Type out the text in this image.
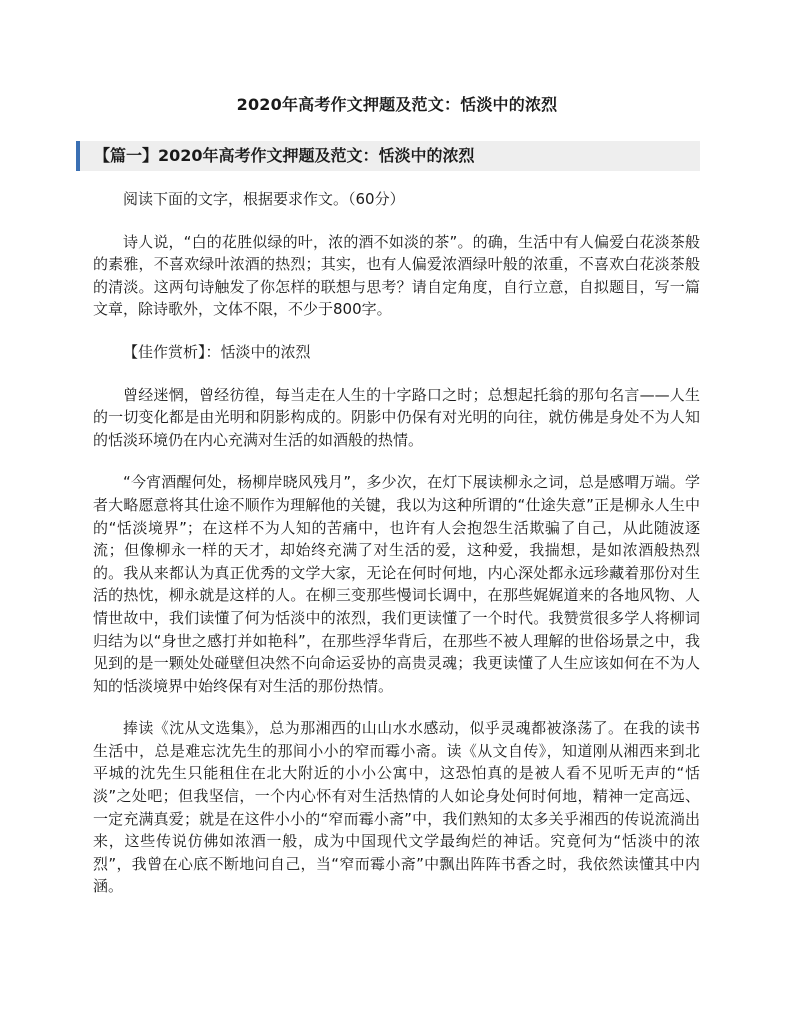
2020年高考作文押题及范文：恬淡中的浓烈
【篇一】2020年高考作文押题及范文：恬淡中的浓烈

阅读下面的文字，根据要求作文。（60分）

诗人说，“白的花胜似绿的叶，浓的酒不如淡的茶”。的确，生活中有人偏爱白花淡茶般的素雅，不喜欢绿叶浓酒的热烈；其实，也有人偏爱浓酒绿叶般的浓重，不喜欢白花淡茶般的清淡。这两句诗触发了你怎样的联想与思考？请自定角度，自行立意，自拟题目，写一篇文章，除诗歌外，文体不限，不少于800字。

【佳作赏析】：恬淡中的浓烈

曾经迷惘，曾经彷徨，每当走在人生的十字路口之时；总想起托翁的那句名言——人生的一切变化都是由光明和阴影构成的。阴影中仍保有对光明的向往，就仿佛是身处不为人知的恬淡环境仍在内心充满对生活的如酒般的热情。

“今宵酒醒何处，杨柳岸晓风残月”，多少次，在灯下展读柳永之词，总是感喟万端。学者大略愿意将其仕途不顺作为理解他的关键，我以为这种所谓的“仕途失意”正是柳永人生中的“恬淡境界”；在这样不为人知的苦痛中，也许有人会抱怨生活欺骗了自己，从此随波逐流；但像柳永一样的天才，却始终充满了对生活的爱，这种爱，我揣想，是如浓酒般热烈的。我从来都认为真正优秀的文学大家，无论在何时何地，内心深处都永远珍藏着那份对生活的热忱，柳永就是这样的人。在柳三变那些慢词长调中，在那些娓娓道来的各地风物、人情世故中，我们读懂了何为恬淡中的浓烈，我们更读懂了一个时代。我赞赏很多学人将柳词归结为以“身世之感打并如艳科”，在那些浮华背后，在那些不被人理解的世俗场景之中，我见到的是一颗处处碰壁但决然不向命运妥协的高贵灵魂；我更读懂了人生应该如何在不为人知的恬淡境界中始终保有对生活的那份热情。

捧读《沈从文选集》，总为那湘西的山山水水感动，似乎灵魂都被涤荡了。在我的读书生活中，总是难忘沈先生的那间小小的窄而霉小斋。读《从文自传》，知道刚从湘西来到北平城的沈先生只能租住在北大附近的小小公寓中，这恐怕真的是被人看不见听无声的“恬淡”之处吧；但我坚信，一个内心怀有对生活热情的人如论身处何时何地，精神一定高远、一定充满真爱；就是在这件小小的“窄而霉小斋”中，我们熟知的太多关乎湘西的传说流淌出来，这些传说仿佛如浓酒一般，成为中国现代文学最绚烂的神话。究竟何为“恬淡中的浓烈”，我曾在心底不断地问自己，当“窄而霉小斋”中飘出阵阵书香之时，我依然读懂其中内涵。
